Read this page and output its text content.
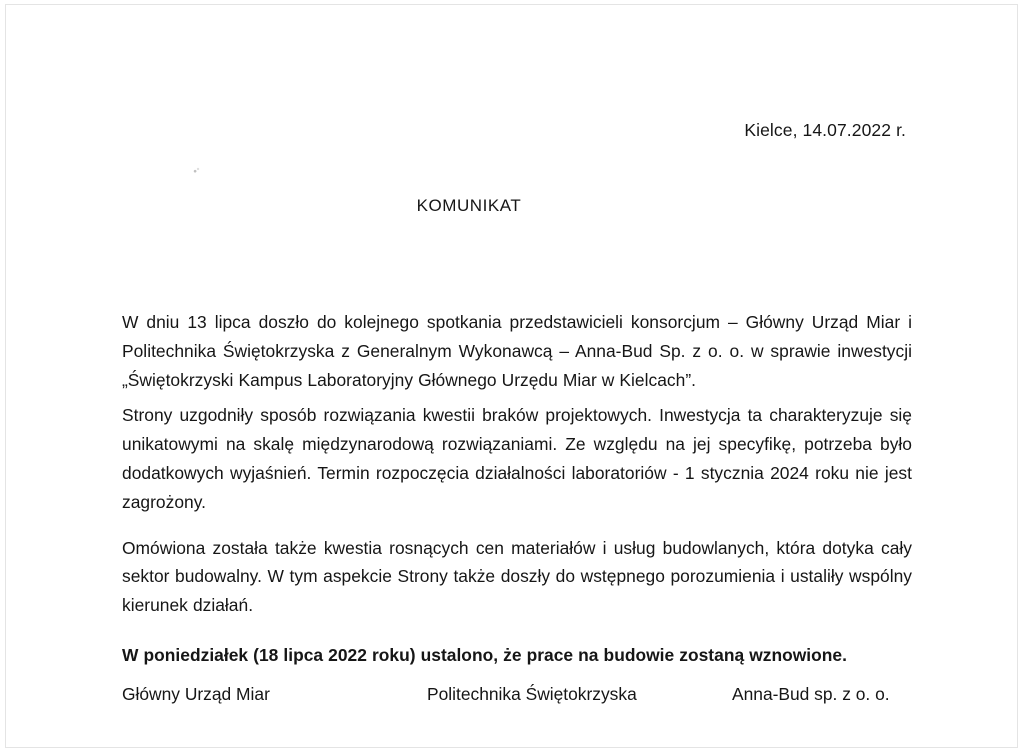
Kielce, 14.07.2022 r.
KOMUNIKAT

W dniu 13 lipca doszło do kolejnego spotkania przedstawicieli konsorcjum – Główny Urząd Miar i Politechnika Świętokrzyska z Generalnym Wykonawcą – Anna-Bud Sp. z o. o. w sprawie inwestycji „Świętokrzyski Kampus Laboratoryjny Głównego Urzędu Miar w Kielcach”.

Strony uzgodniły sposób rozwiązania kwestii braków projektowych. Inwestycja ta charakteryzuje się unikatowymi na skalę międzynarodową rozwiązaniami. Ze względu na jej specyfikę, potrzeba było dodatkowych wyjaśnień. Termin rozpoczęcia działalności laboratoriów - 1 stycznia 2024 roku nie jest zagrożony.

Omówiona została także kwestia rosnących cen materiałów i usług budowlanych, która dotyka cały sektor budowalny. W tym aspekcie Strony także doszły do wstępnego porozumienia i ustaliły wspólny kierunek działań.

W poniedziałek (18 lipca 2022 roku) ustalono, że prace na budowie zostaną wznowione.

Główny Urząd Miar	Politechnika Świętokrzyska	Anna-Bud sp. z o. o.
